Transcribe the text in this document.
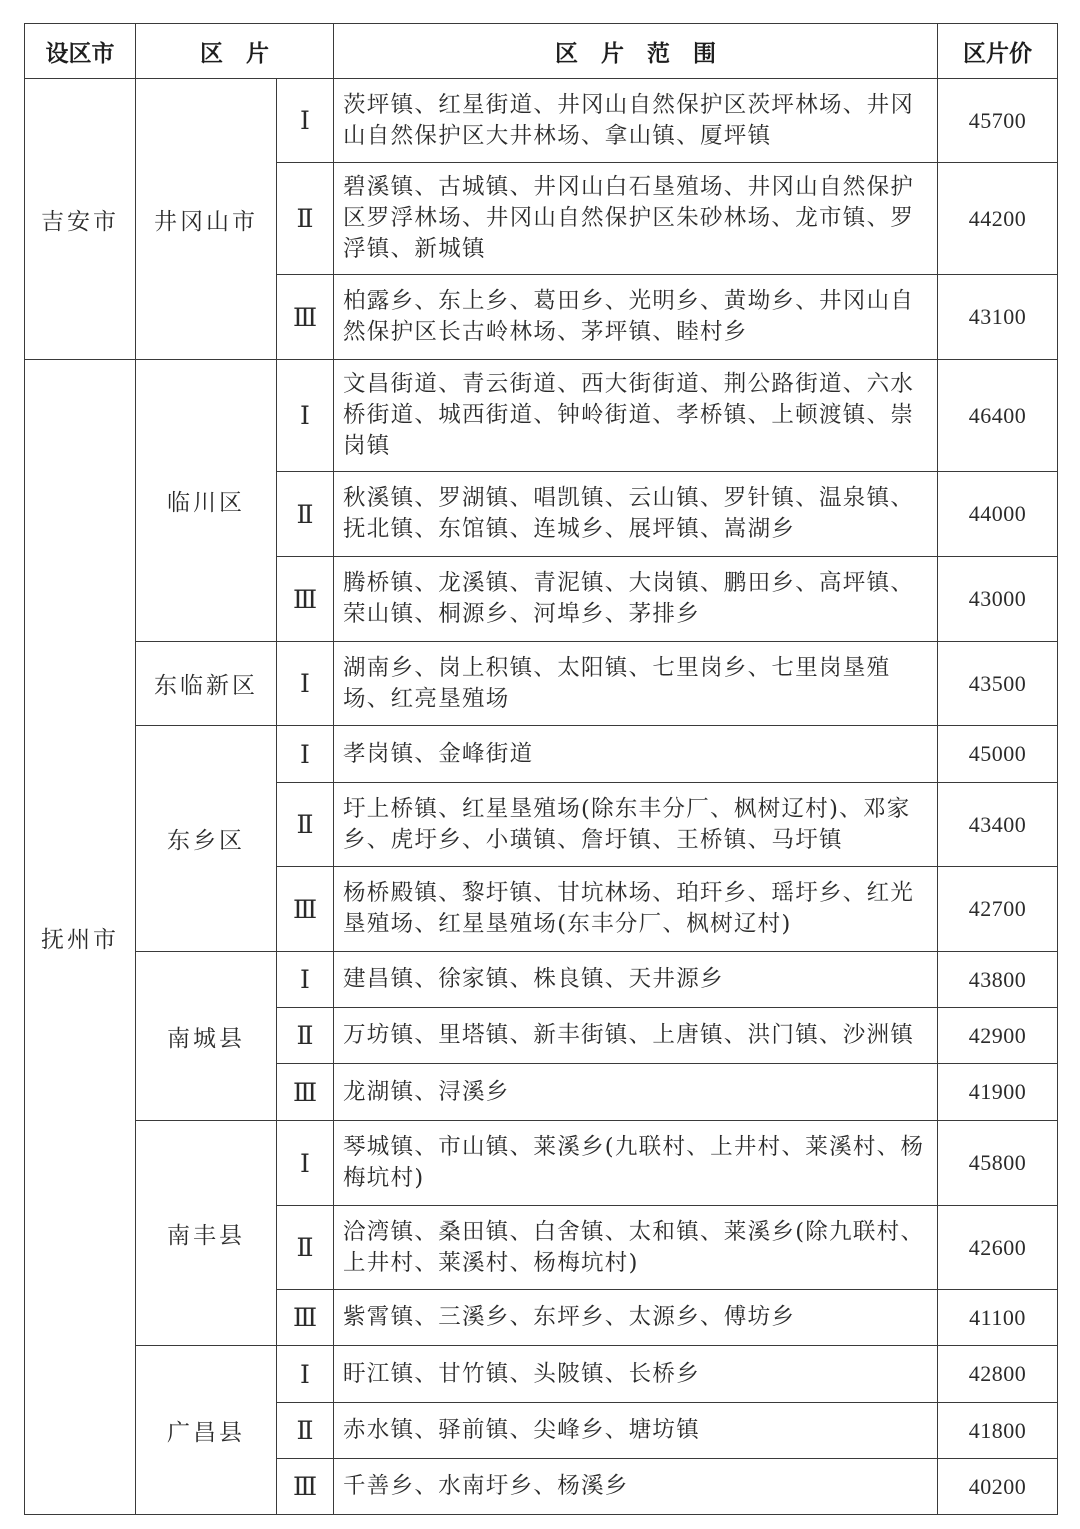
设区市	区　片		区　片　范　围	区片价
吉安市	井冈山市	Ⅰ	茨坪镇、红星街道、井冈山自然保护区茨坪林场、井冈山自然保护区大井林场、拿山镇、厦坪镇	45700
		Ⅱ	碧溪镇、古城镇、井冈山白石垦殖场、井冈山自然保护区罗浮林场、井冈山自然保护区朱砂林场、龙市镇、罗浮镇、新城镇	44200
		Ⅲ	柏露乡、东上乡、葛田乡、光明乡、黄坳乡、井冈山自然保护区长古岭林场、茅坪镇、睦村乡	43100
抚州市	临川区	Ⅰ	文昌街道、青云街道、西大街街道、荆公路街道、六水桥街道、城西街道、钟岭街道、孝桥镇、上顿渡镇、崇岗镇	46400
		Ⅱ	秋溪镇、罗湖镇、唱凯镇、云山镇、罗针镇、温泉镇、抚北镇、东馆镇、连城乡、展坪镇、嵩湖乡	44000
		Ⅲ	腾桥镇、龙溪镇、青泥镇、大岗镇、鹏田乡、高坪镇、荣山镇、桐源乡、河埠乡、茅排乡	43000
	东临新区	Ⅰ	湖南乡、岗上积镇、太阳镇、七里岗乡、七里岗垦殖场、红亮垦殖场	43500
	东乡区	Ⅰ	孝岗镇、金峰街道	45000
		Ⅱ	圩上桥镇、红星垦殖场(除东丰分厂、枫树辽村)、邓家乡、虎圩乡、小璜镇、詹圩镇、王桥镇、马圩镇	43400
		Ⅲ	杨桥殿镇、黎圩镇、甘坑林场、珀玕乡、瑶圩乡、红光垦殖场、红星垦殖场(东丰分厂、枫树辽村)	42700
	南城县	Ⅰ	建昌镇、徐家镇、株良镇、天井源乡	43800
		Ⅱ	万坊镇、里塔镇、新丰街镇、上唐镇、洪门镇、沙洲镇	42900
		Ⅲ	龙湖镇、浔溪乡	41900
	南丰县	Ⅰ	琴城镇、市山镇、莱溪乡(九联村、上井村、莱溪村、杨梅坑村)	45800
		Ⅱ	洽湾镇、桑田镇、白舍镇、太和镇、莱溪乡(除九联村、上井村、莱溪村、杨梅坑村)	42600
		Ⅲ	紫霄镇、三溪乡、东坪乡、太源乡、傅坊乡	41100
	广昌县	Ⅰ	盱江镇、甘竹镇、头陂镇、长桥乡	42800
		Ⅱ	赤水镇、驿前镇、尖峰乡、塘坊镇	41800
		Ⅲ	千善乡、水南圩乡、杨溪乡	40200
